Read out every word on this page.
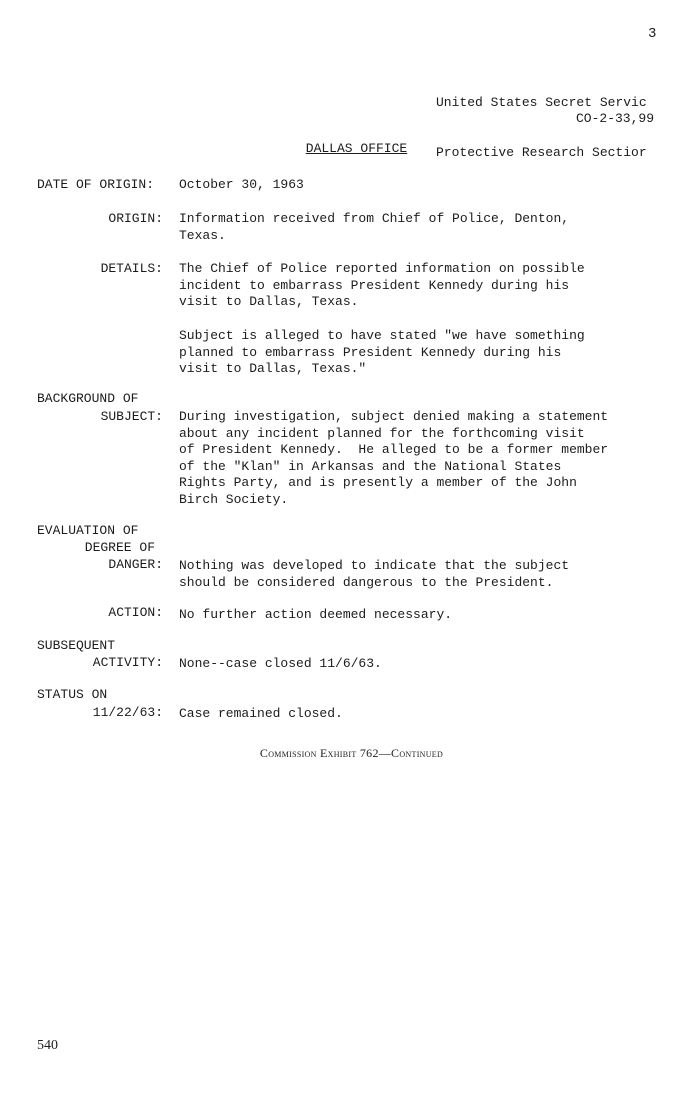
3

United States Secret Servic

Protective Research Sectior

CO-2-33,99
DALLAS OFFICE
DATE OF ORIGIN: October 30, 1963
ORIGIN: Information received from Chief of Police, Denton,
Texas.
DETAILS: The Chief of Police reported information on possible
incident to embarrass President Kennedy during his
visit to Dallas, Texas.
Subject is alleged to have stated "we have something
planned to embarrass President Kennedy during his
visit to Dallas, Texas."
BACKGROUND OF
SUBJECT: During investigation, subject denied making a statement
about any incident planned for the forthcoming visit
of President Kennedy.  He alleged to be a former member
of the "Klan" in Arkansas and the National States
Rights Party, and is presently a member of the John
Birch Society.
EVALUATION OF
DEGREE OF
DANGER: Nothing was developed to indicate that the subject
should be considered dangerous to the President.
ACTION: No further action deemed necessary.
SUBSEQUENT
ACTIVITY: None--case closed 11/6/63.
STATUS ON
11/22/63: Case remained closed.
Commission Exhibit 762—Continued
540
